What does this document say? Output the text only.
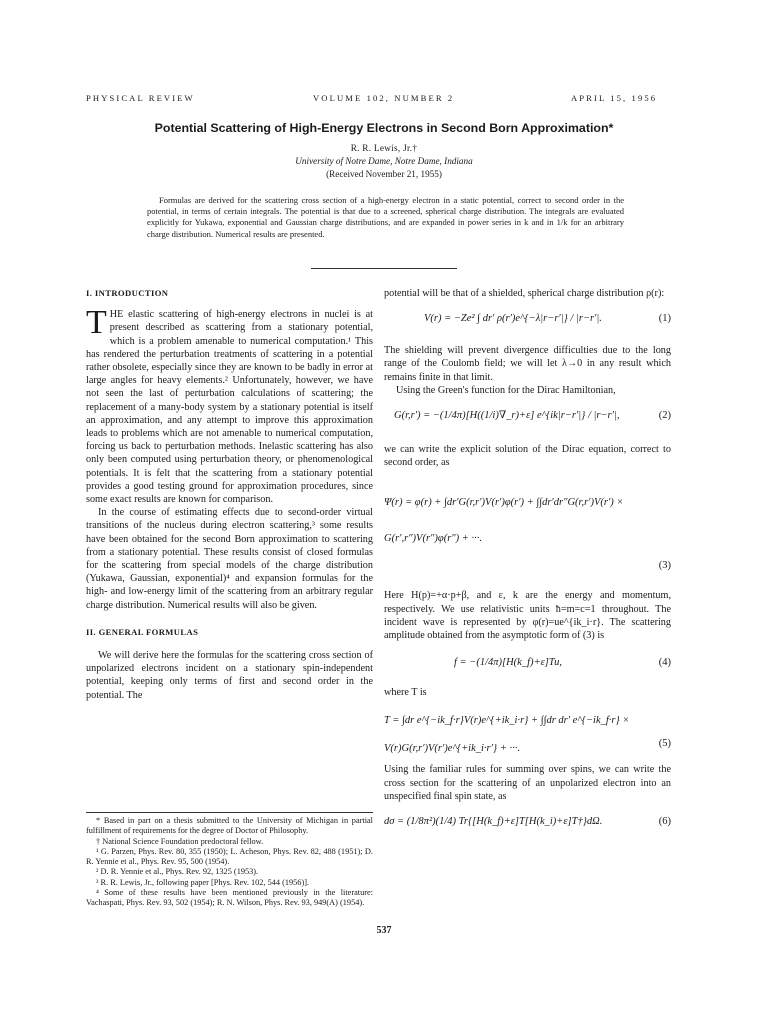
PHYSICAL REVIEW	VOLUME 102, NUMBER 2	APRIL 15, 1956
Potential Scattering of High-Energy Electrons in Second Born Approximation*
R. R. Lewis, Jr.†
University of Notre Dame, Notre Dame, Indiana
(Received November 21, 1955)
Formulas are derived for the scattering cross section of a high-energy electron in a static potential, correct to second order in the potential, in terms of certain integrals. The potential is that due to a screened, spherical charge distribution. The integrals are evaluated explicitly for Yukawa, exponential and Gaussian charge distributions, and are expanded in power series in k and in 1/k for an arbitrary charge distribution. Numerical results are presented.

I. INTRODUCTION

T HE elastic scattering of high-energy electrons in nuclei is at present described as scattering from a stationary potential, which is a problem amenable to numerical computation.¹ This has rendered the perturbation treatments of scattering in a potential rather obsolete, especially since they are known to be badly in error at large angles for heavy elements.² Unfortunately, however, we have not seen the last of perturbation calculations of scattering; the replacement of a many-body system by a stationary potential is itself an approximation, and any attempt to improve this approximation leads to problems which are not amenable to numerical computation, forcing us back to perturbation methods. Inelastic scattering has also only been computed using perturbation theory, or phenomenological potentials. It is felt that the scattering from a stationary potential provides a good testing ground for approximation procedures, since some exact results are known for comparison.

In the course of estimating effects due to second-order virtual transitions of the nucleus during electron scattering,³ some results have been obtained for the second Born approximation to scattering from a stationary potential. These results consist of closed formulas for the scattering from special models of the charge distribution (Yukawa, Gaussian, exponential)⁴ and expansion formulas for the high- and low-energy limit of the scattering from an arbitrary regular charge distribution. Numerical results will also be given.

II. GENERAL FORMULAS

We will derive here the formulas for the scattering cross section of unpolarized electrons incident on a stationary spin-independent potential, keeping only terms of first and second order in the potential. The

* Based in part on a thesis submitted to the University of Michigan in partial fulfillment of requirements for the degree of Doctor of Philosophy.

† National Science Foundation predoctoral fellow.

¹ G. Parzen, Phys. Rev. 80, 355 (1950); L. Acheson, Phys. Rev. 82, 488 (1951); D. R. Yennie et al., Phys. Rev. 95, 500 (1954).

² D. R. Yennie et al., Phys. Rev. 92, 1325 (1953).

³ R. R. Lewis, Jr., following paper [Phys. Rev. 102, 544 (1956)].

⁴ Some of these results have been mentioned previously in the literature: Vachaspati, Phys. Rev. 93, 502 (1954); R. N. Wilson, Phys. Rev. 93, 949(A) (1954).

potential will be that of a shielded, spherical charge distribution ρ(r):

V(r) = −Ze² ∫ dr′ ρ(r′)e^{−λ|r−r′|} / |r−r′|.	(1)

The shielding will prevent divergence difficulties due to the long range of the Coulomb field; we will let λ→0 in any result which remains finite in that limit.

Using the Green's function for the Dirac Hamiltonian,

G(r,r′) = −(1/4π)[H((1/i)∇_r)+ε] e^{ik|r−r′|} / |r−r′|,	(2)

we can write the explicit solution of the Dirac equation, correct to second order, as

Ψ(r) = φ(r) + ∫dr′G(r,r′)V(r′)φ(r′) + ∫∫dr′dr″G(r,r′)V(r′) × G(r′,r″)V(r″)φ(r″) + ···.
(3)

Here H(p)=+α·p+β, and ε, k are the energy and momentum, respectively. We use relativistic units ħ=m=c=1 throughout. The incident wave is represented by φ(r)=ue^{ik_i·r}. The scattering amplitude obtained from the asymptotic form of (3) is

f = −(1/4π)[H(k_f)+ε]Tu,	(4)

where T is

T = ∫dr e^{−ik_f·r}V(r)e^{+ik_i·r} + ∫∫dr dr′ e^{−ik_f·r} × V(r)G(r,r′)V(r′)e^{+ik_i·r′} + ···.	(5)

Using the familiar rules for summing over spins, we can write the cross section for the scattering of an unpolarized electron into an unspecified final spin state, as

dσ = (1/8π²)(1/4) Tr{[H(k_f)+ε]T[H(k_i)+ε]T†}dΩ.	(6)
537
